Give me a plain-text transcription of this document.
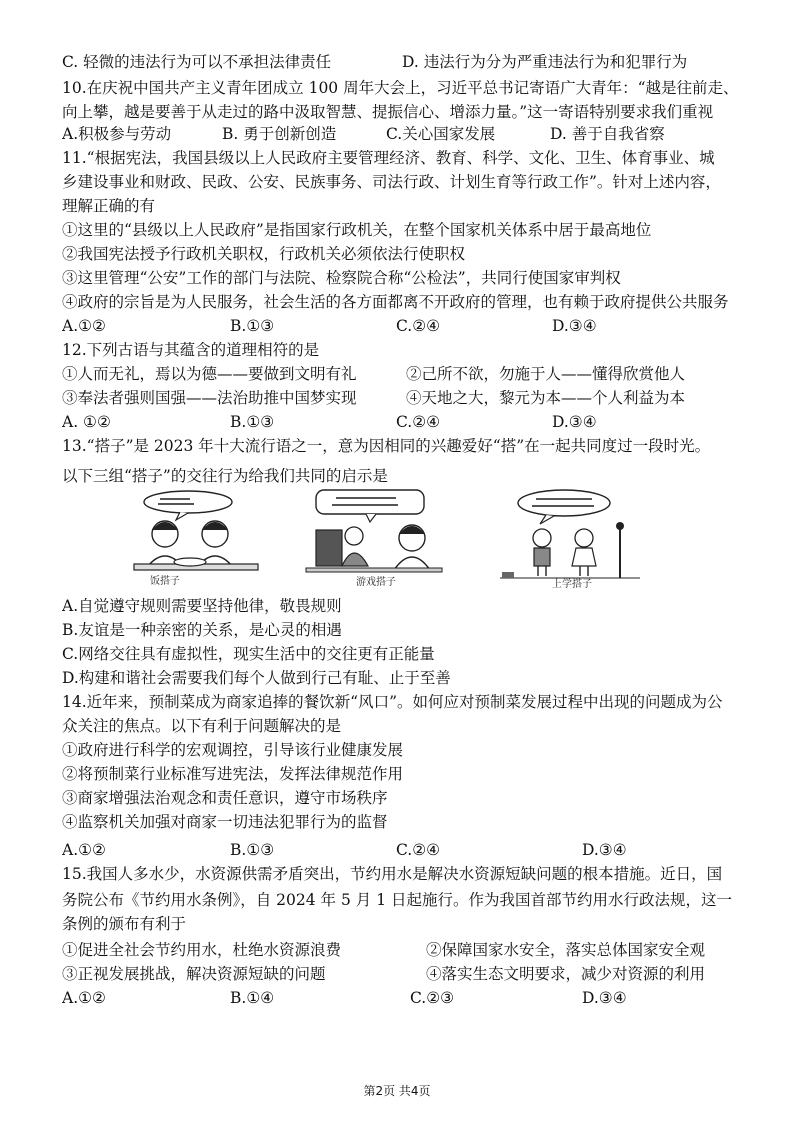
C. 轻微的违法行为可以不承担法律责任	D. 违法行为分为严重违法行为和犯罪行为
10.在庆祝中国共产主义青年团成立 100 周年大会上，习近平总书记寄语广大青年：“越是往前走、
向上攀，越是要善于从走过的路中汲取智慧、提振信心、增添力量。”这一寄语特别要求我们重视
A.积极参与劳动	B. 勇于创新创造	C.关心国家发展	D. 善于自我省察
11.“根据宪法，我国县级以上人民政府主要管理经济、教育、科学、文化、卫生、体育事业、城
乡建设事业和财政、民政、公安、民族事务、司法行政、计划生育等行政工作”。针对上述内容，
理解正确的有
①这里的“县级以上人民政府”是指国家行政机关，在整个国家机关体系中居于最高地位
②我国宪法授予行政机关职权，行政机关必须依法行使职权
③这里管理“公安”工作的部门与法院、检察院合称“公检法”，共同行使国家审判权
④政府的宗旨是为人民服务，社会生活的各方面都离不开政府的管理，也有赖于政府提供公共服务
A.①②	B.①③	C.②④	D.③④
12.下列古语与其蕴含的道理相符的是
①人而无礼，焉以为德——要做到文明有礼	②己所不欲，勿施于人——懂得欣赏他人
③奉法者强则国强——法治助推中国梦实现	④天地之大，黎元为本——个人利益为本
A. ①②	B.①③	C.②④	D.③④
13.“搭子”是 2023 年十大流行语之一，意为因相同的兴趣爱好“搭”在一起共同度过一段时光。
以下三组“搭子”的交往行为给我们共同的启示是
饭搭子	游戏搭子	上学搭子
A.自觉遵守规则需要坚持他律，敬畏规则
B.友谊是一种亲密的关系，是心灵的相遇
C.网络交往具有虚拟性，现实生活中的交往更有正能量
D.构建和谐社会需要我们每个人做到行己有耻、止于至善
14.近年来，预制菜成为商家追捧的餐饮新“风口”。如何应对预制菜发展过程中出现的问题成为公
众关注的焦点。以下有利于问题解决的是
①政府进行科学的宏观调控，引导该行业健康发展
②将预制菜行业标准写进宪法，发挥法律规范作用
③商家增强法治观念和责任意识，遵守市场秩序
④监察机关加强对商家一切违法犯罪行为的监督
A.①②	B.①③	C.②④	D.③④
15.我国人多水少，水资源供需矛盾突出，节约用水是解决水资源短缺问题的根本措施。近日，国
务院公布《节约用水条例》，自 2024 年 5 月 1 日起施行。作为我国首部节约用水行政法规，这一
条例的颁布有利于
①促进全社会节约用水，杜绝水资源浪费	②保障国家水安全，落实总体国家安全观
③正视发展挑战，解决资源短缺的问题	④落实生态文明要求，减少对资源的利用
A.①②	B.①④	C.②③	D.③④
第2页 共4页
